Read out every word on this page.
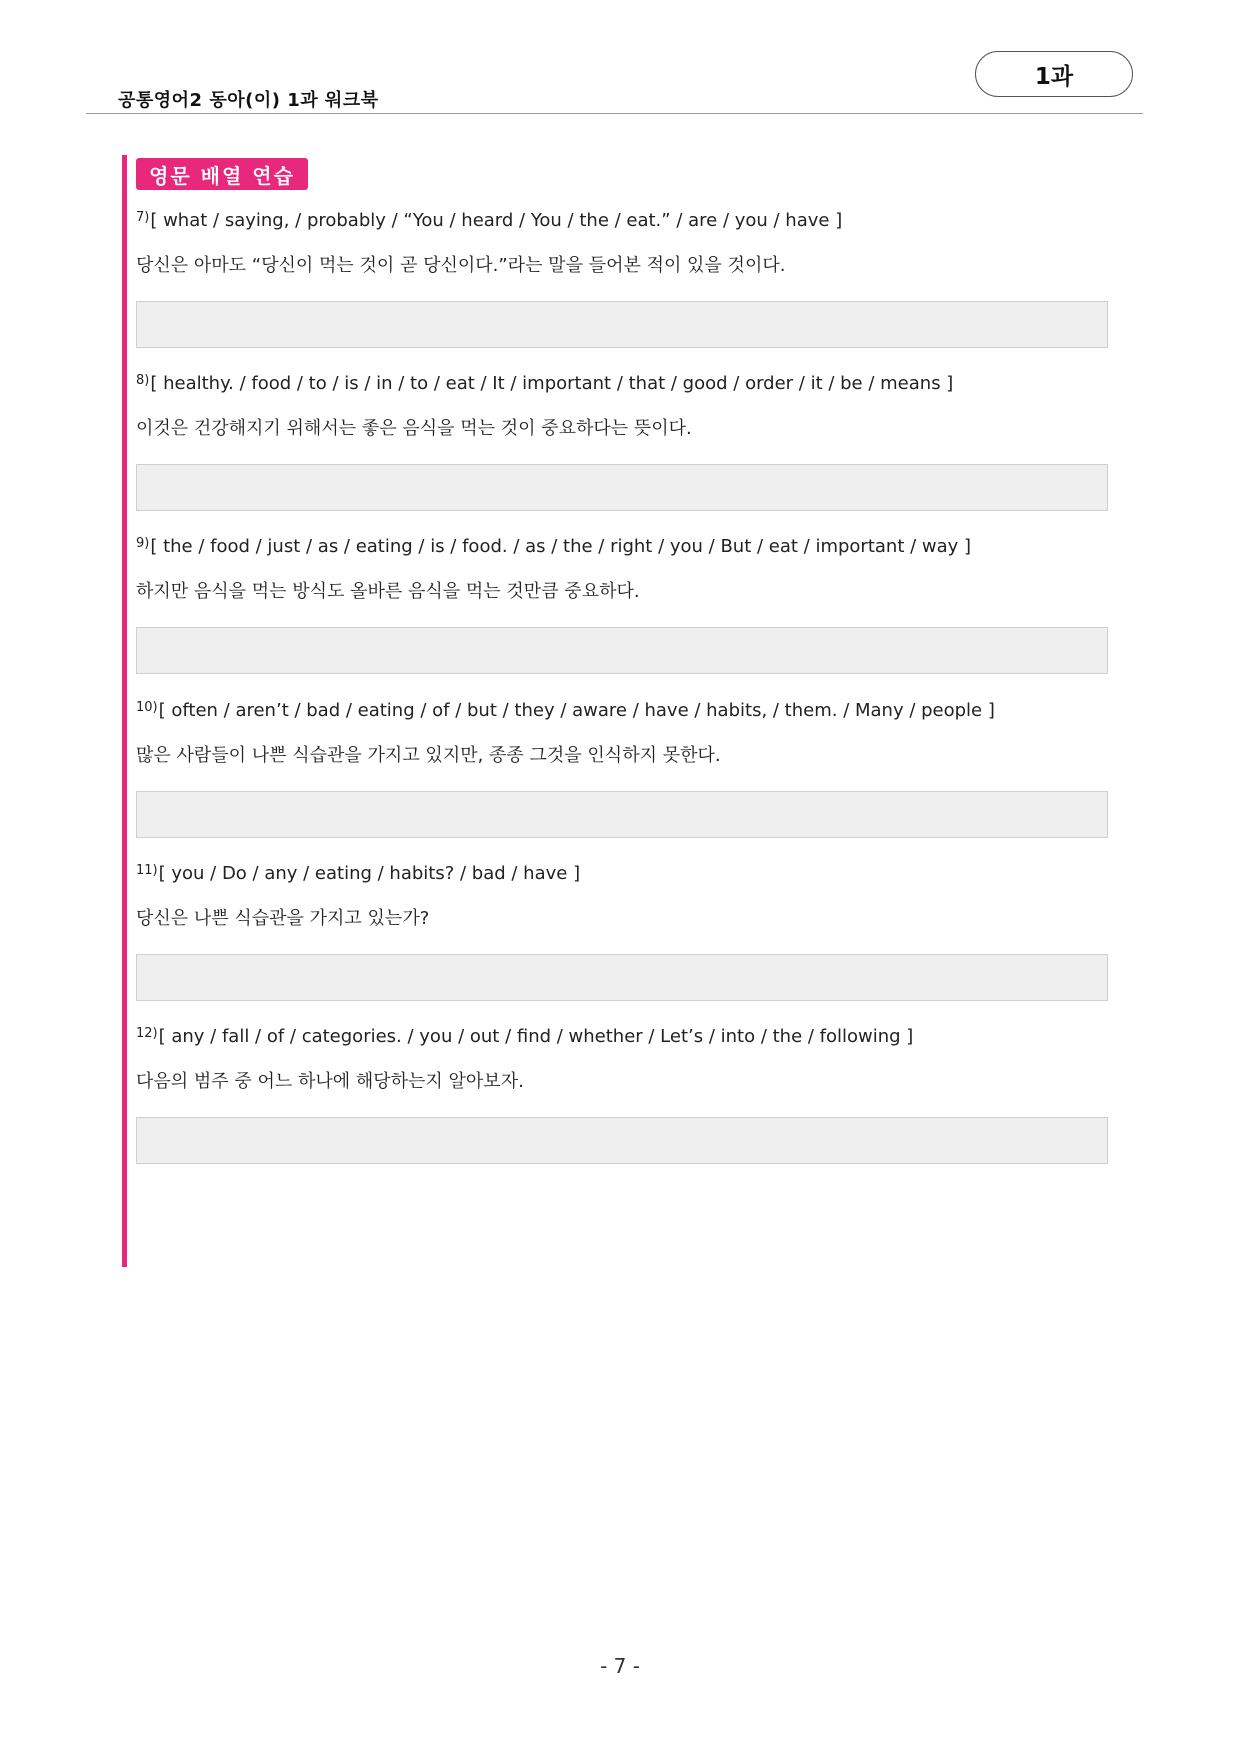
공통영어2 동아(이) 1과 워크북
1과
영문 배열 연습
$^{7)}$[ what / saying, / probably / “You / heard / You / the / eat.” / are / you / have ]
당신은 아마도 “당신이 먹는 것이 곧 당신이다.”라는 말을 들어본 적이 있을 것이다.
$^{8)}$[ healthy. / food / to / is / in / to / eat / It / important / that / good / order / it / be / means ]
이것은 건강해지기 위해서는 좋은 음식을 먹는 것이 중요하다는 뜻이다.
$^{9)}$[ the / food / just / as / eating / is / food. / as / the / right / you / But / eat / important / way ]
하지만 음식을 먹는 방식도 올바른 음식을 먹는 것만큼 중요하다.
$^{10)}$[ often / aren’t / bad / eating / of / but / they / aware / have / habits, / them. / Many / people ]
많은 사람들이 나쁜 식습관을 가지고 있지만, 종종 그것을 인식하지 못한다.
$^{11)}$[ you / Do / any / eating / habits? / bad / have ]
당신은 나쁜 식습관을 가지고 있는가?
$^{12)}$[ any / fall / of / categories. / you / out / find / whether / Let’s / into / the / following ]
다음의 범주 중 어느 하나에 해당하는지 알아보자.
- 7 -
